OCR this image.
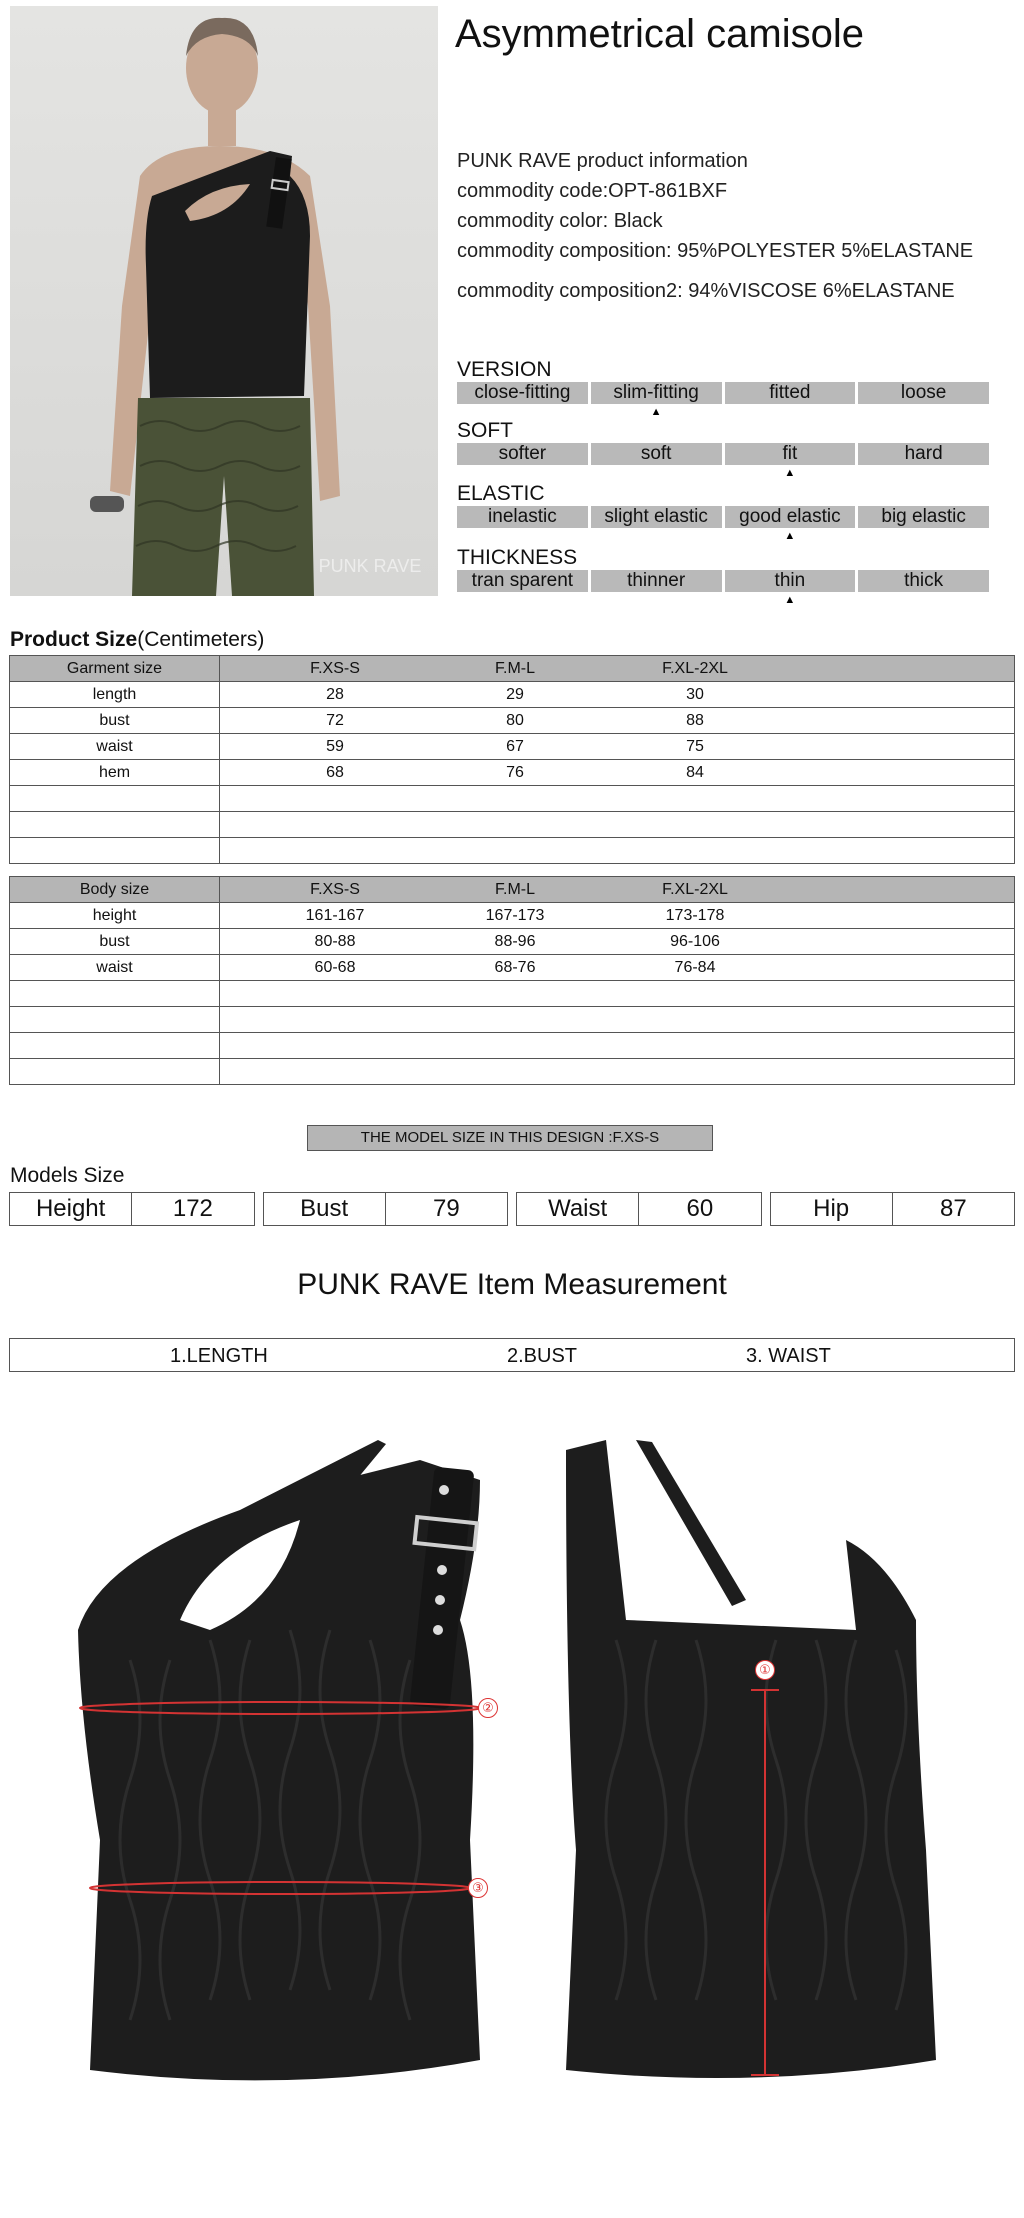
PUNK RAVE
Asymmetrical camisole
PUNK RAVE product information
commodity code:OPT-861BXF
commodity color: Black
commodity composition: 95%POLYESTER 5%ELASTANE
commodity composition2: 94%VISCOSE 6%ELASTANE
VERSION
close-fitting	slim-fitting ▲	fitted	loose
SOFT
softer	soft	fit ▲	hard
ELASTIC
inelastic	slight elastic	good elastic ▲	big elastic
THICKNESS
tran sparent	thinner	thin ▲	thick
Product Size(Centimeters)
Garment size	F.XS-S F.M-L F.XL-2XL

length	28 29 30

bust	72 80 88

waist	59 67 75

hem	68 76 84

Body size	F.XS-S F.M-L F.XL-2XL

height	161-167 167-173 173-178

bust	80-88 88-96 96-106

waist	60-68 68-76 76-84

THE MODEL SIZE IN THIS DESIGN :F.XS-S
Models Size
Height	172	Bust	79	Waist	60	Hip	87
PUNK RAVE Item Measurement
1.LENGTH	2.BUST	3. WAIST
②
③
①
